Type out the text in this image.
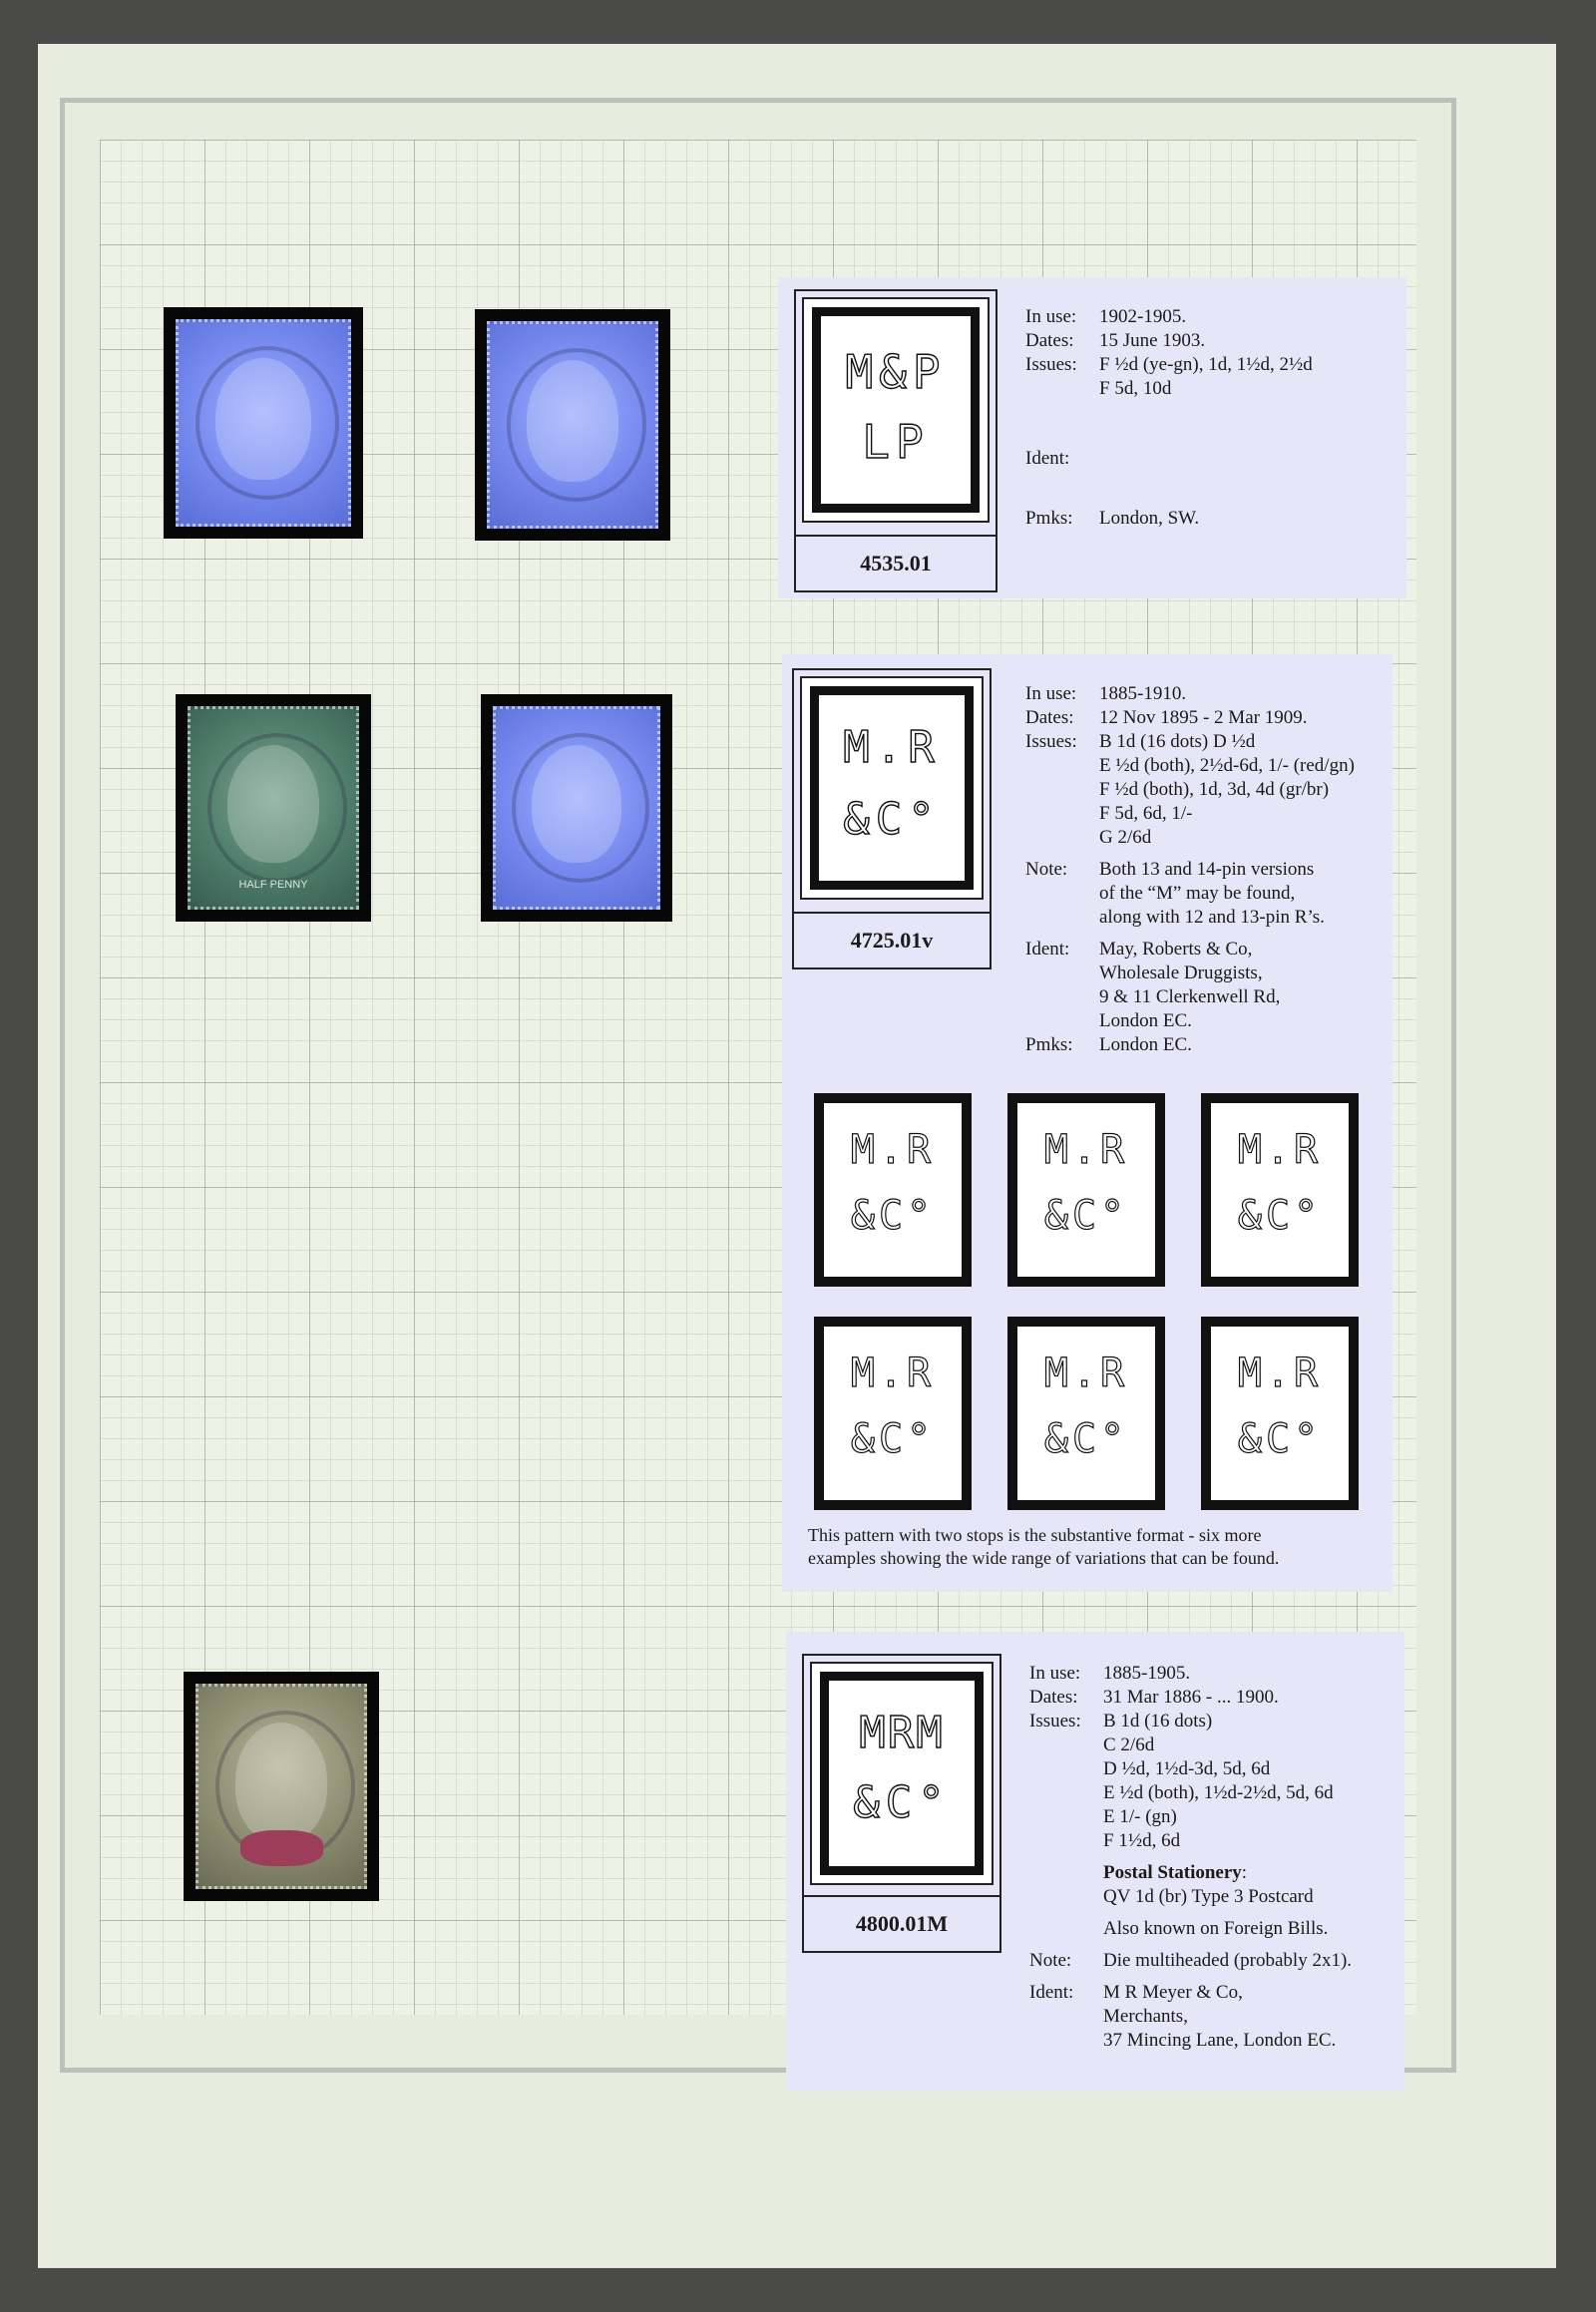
HALF PENNY
M&P
LP
4535.01
In use:	1902-1905.
Dates:	15 June 1903.
Issues:	F ½d (ye-gn), 1d, 1½d, 2½d
	F 5d, 10d
Ident:	
Pmks:	London, SW.
M.R
&C°
4725.01v
In use:	1885-1910.
Dates:	12 Nov 1895 - 2 Mar 1909.
Issues:	B 1d (16 dots) D ½d
	E ½d (both), 2½d-6d, 1/- (red/gn)
	F ½d (both), 1d, 3d, 4d (gr/br)
	F 5d, 6d, 1/-
	G 2/6d
Note:	Both 13 and 14-pin versions
	of the “M” may be found,
	along with 12 and 13-pin R’s.
Ident:	May, Roberts & Co,
	Wholesale Druggists,
	9 & 11 Clerkenwell Rd,
	London EC.
Pmks:	London EC.
M.R
&C°
M.R
&C°
M.R
&C°
M.R
&C°
M.R
&C°
M.R
&C°
This pattern with two stops is the substantive format - six more
examples showing the wide range of variations that can be found.
MRM
&C°
4800.01M
In use:	1885-1905.
Dates:	31 Mar 1886 - ... 1900.
Issues:	B 1d (16 dots)
	C 2/6d
	D ½d, 1½d-3d, 5d, 6d
	E ½d (both), 1½d-2½d, 5d, 6d
	E 1/- (gn)
	F 1½d, 6d
	Postal Stationery:
	QV 1d (br) Type 3 Postcard
	Also known on Foreign Bills.
Note:	Die multiheaded (probably 2x1).
Ident:	M R Meyer & Co,
	Merchants,
	37 Mincing Lane, London EC.
